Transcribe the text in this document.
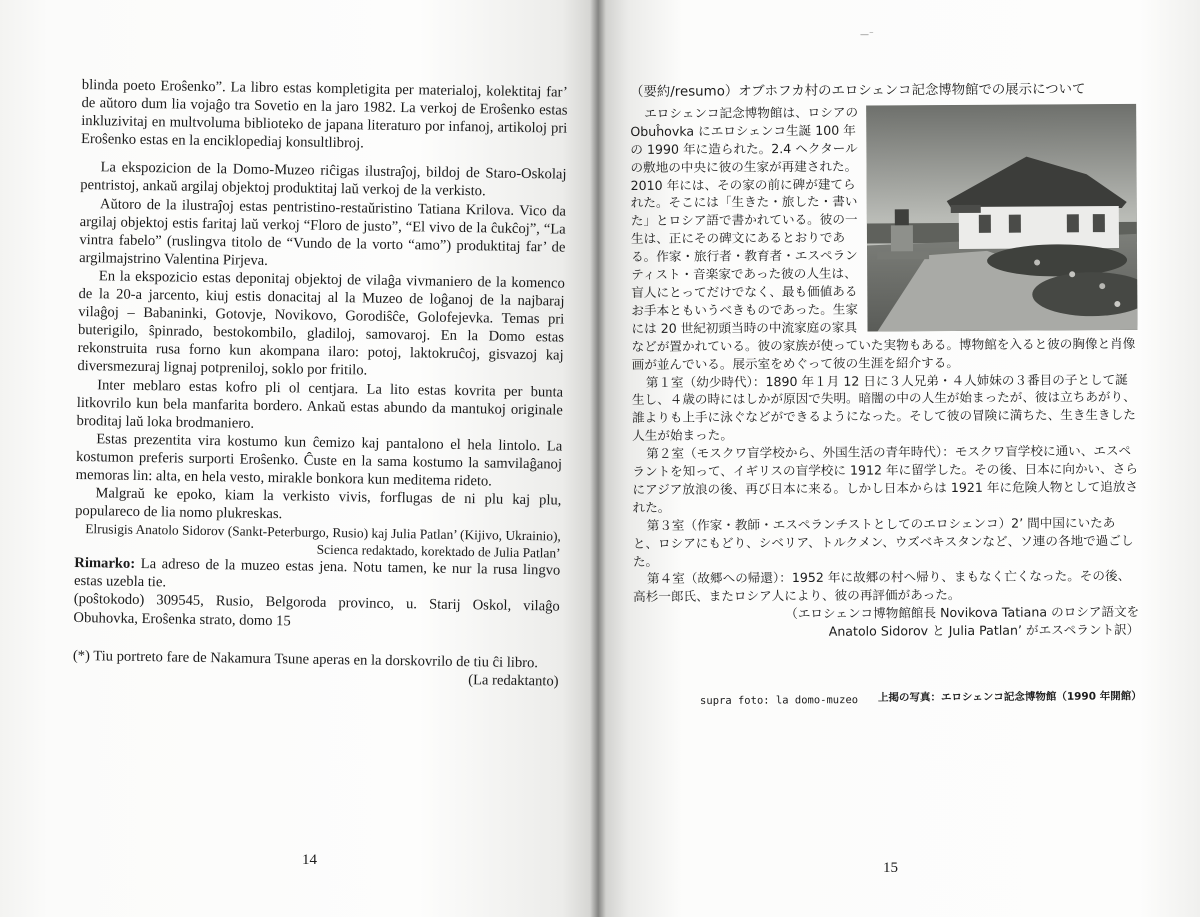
blinda poeto Eroŝenko”. La libro estas kompletigita per materialoj, kolektitaj far’ de aŭtoro dum lia vojaĝo tra Sovetio en la jaro 1982. La verkoj de Eroŝenko estas inkluzivitaj en multvoluma biblioteko de japana literaturo por infanoj, artikoloj pri Eroŝenko estas en la enciklopediaj konsultlibroj.

La ekspozicion de la Domo-Muzeo riĉigas ilustraĵoj, bildoj de Staro-Oskolaj pentristoj, ankaŭ argilaj objektoj produktitaj laŭ verkoj de la verkisto.

Aŭtoro de la ilustraĵoj estas pentristino-restaŭristino Tatiana Krilova. Vico da argilaj objektoj estis faritaj laŭ verkoj “Floro de justo”, “El vivo de la ĉukĉoj”, “La vintra fabelo” (ruslingva titolo de “Vundo de la vorto “amo”) produktitaj far’ de argilmajstrino Valentina Pirjeva.

En la ekspozicio estas deponitaj objektoj de vilaĝa vivmaniero de la komenco de la 20-a jarcento, kiuj estis donacitaj al la Muzeo de loĝanoj de la najbaraj vilaĝoj – Babaninki, Gotovje, Novikovo, Gorodiŝĉe, Golofejevka. Temas pri buterigilo, ŝpinrado, bestokombilo, gladiloj, samovaroj. En la Domo estas rekonstruita rusa forno kun akompana ilaro: potoj, laktokruĉoj, gisvazoj kaj diversmezuraj lignaj potpreniloj, soklo por fritilo.

Inter meblaro estas kofro pli ol centjara. La lito estas kovrita per bunta litkovrilo kun bela manfarita bordero. Ankaŭ estas abundo da mantukoj originale broditaj laŭ loka brodmaniero.

Estas prezentita vira kostumo kun ĉemizo kaj pantalono el hela lintolo. La kostumon preferis surporti Eroŝenko. Ĉuste en la sama kostumo la samvilaĝanoj memoras lin: alta, en hela vesto, mirakle bonkora kun meditema rideto.

Malgraŭ ke epoko, kiam la verkisto vivis, forflugas de ni plu kaj plu, populareco de lia nomo plukreskas.

Elrusigis Anatolo Sidorov (Sankt-Peterburgo, Rusio) kaj Julia Patlan’ (Kijivo, Ukrainio),

Scienca redaktado, korektado de Julia Patlan’

Rimarko: La adreso de la muzeo estas jena. Notu tamen, ke nur la rusa lingvo estas uzebla tie.

(poŝtokodo) 309545, Rusio, Belgoroda provinco, u. Starij Oskol, vilaĝo Obuhovka, Eroŝenka strato, domo 15

(*) Tiu portreto fare de Nakamura Tsune aperas en la dorskovrilo de tiu ĉi libro.

(La redaktanto)

14
—⁻

（要約/resumo）オブホフカ村のエロシェンコ記念博物館での展示について

エロシェンコ記念博物館は、ロシアの Obuĥovka にエロシェンコ生誕 100 年の 1990 年に造られた。2.4 ヘクタールの敷地の中央に彼の生家が再建された。2010 年には、その家の前に碑が建てられた。そこには「生きた・旅した・書いた」とロシア語で書かれている。彼の一生は、正にその碑文にあるとおりである。作家・旅行者・教育者・エスペランティスト・音楽家であった彼の人生は、盲人にとってだけでなく、最も価値あるお手本ともいうべきものであった。生家には 20 世紀初頭当時の中流家庭の家具などが置かれている。彼の家族が使っていた実物もある。博物館を入ると彼の胸像と肖像画が並んでいる。展示室をめぐって彼の生涯を紹介する。

第１室（幼少時代）：1890 年１月 12 日に３人兄弟・４人姉妹の３番目の子として誕生し、４歳の時にはしかが原因で失明。暗闇の中の人生が始まったが、彼は立ちあがり、誰よりも上手に泳ぐなどができるようになった。そして彼の冒険に満ちた、生き生きした人生が始まった。

第２室（モスクワ盲学校から、外国生活の青年時代）：モスクワ盲学校に通い、エスペラントを知って、イギリスの盲学校に 1912 年に留学した。その後、日本に向かい、さらにアジア放浪の後、再び日本に来る。しかし日本からは 1921 年に危険人物として追放された。

第３室（作家・教師・エスペランチストとしてのエロシェンコ）2’ 間中国にいたあと、ロシアにもどり、シベリア、トルクメン、ウズベキスタンなど、ソ連の各地で過ごした。

第４室（故郷への帰還）：1952 年に故郷の村へ帰り、まもなく亡くなった。その後、高杉一郎氏、またロシア人により、彼の再評価があった。

（エロシェンコ博物館館長 Novikova Tatiana のロシア語文を

Anatolo Sidorov と Julia Patlan’ がエスペラント訳）

supra foto: la domo-muzeo 上掲の写真：エロシェンコ記念博物館（1990 年開館）
15
